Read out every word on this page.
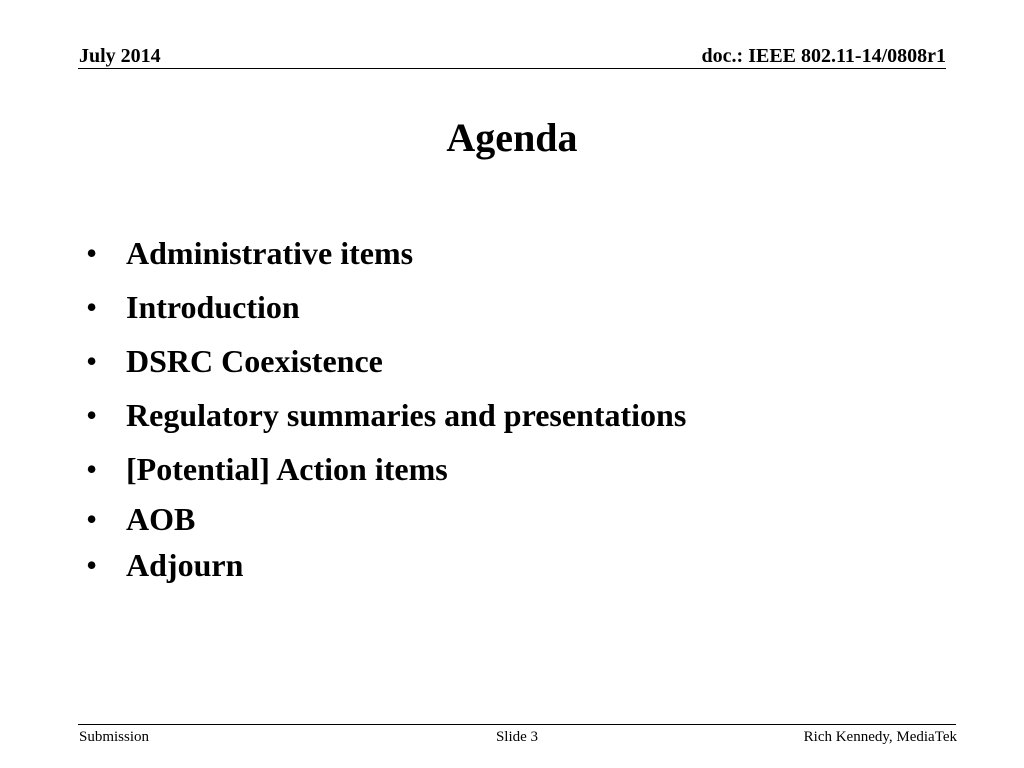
July 2014	doc.: IEEE 802.11-14/0808r1
Agenda
• Administrative items
• Introduction
• DSRC Coexistence
• Regulatory summaries and presentations
• [Potential] Action items
• AOB
• Adjourn
Submission	Slide 3	Rich Kennedy, MediaTek
